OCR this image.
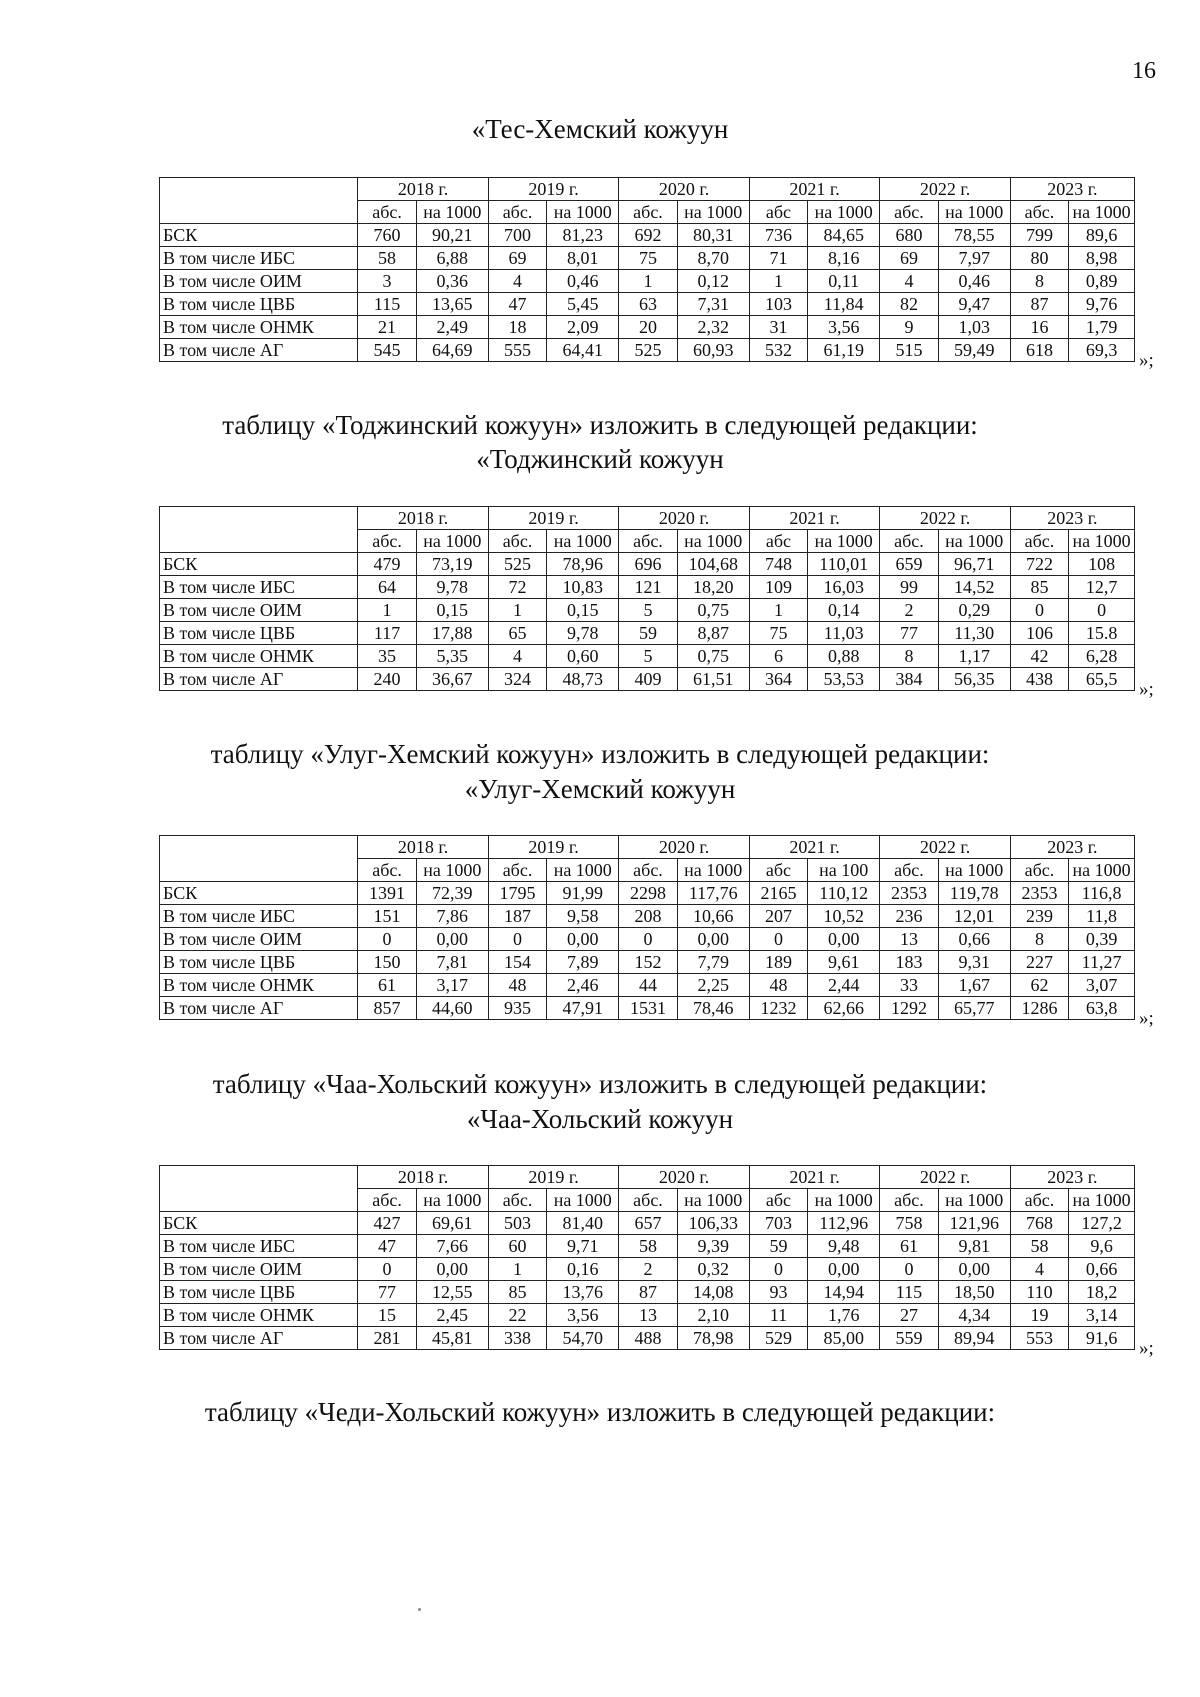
16
«Тес-Хемский кожуун
	2018 г.		2019 г.		2020 г.		2021 г.		2022 г.		2023 г.	
	абс.	на 1000	абс.	на 1000	абс.	на 1000	абс	на 1000	абс.	на 1000	абс.	на 1000
БСК	760	90,21	700	81,23	692	80,31	736	84,65	680	78,55	799	89,6
В том числе ИБС	58	6,88	69	8,01	75	8,70	71	8,16	69	7,97	80	8,98
В том числе ОИМ	3	0,36	4	0,46	1	0,12	1	0,11	4	0,46	8	0,89
В том числе ЦВБ	115	13,65	47	5,45	63	7,31	103	11,84	82	9,47	87	9,76
В том числе ОНМК	21	2,49	18	2,09	20	2,32	31	3,56	9	1,03	16	1,79
В том числе АГ	545	64,69	555	64,41	525	60,93	532	61,19	515	59,49	618	69,3
»;
таблицу «Тоджинский кожуун» изложить в следующей редакции:
«Тоджинский кожуун
	2018 г.		2019 г.		2020 г.		2021 г.		2022 г.		2023 г.	
	абс.	на 1000	абс.	на 1000	абс.	на 1000	абс	на 1000	абс.	на 1000	абс.	на 1000
БСК	479	73,19	525	78,96	696	104,68	748	110,01	659	96,71	722	108
В том числе ИБС	64	9,78	72	10,83	121	18,20	109	16,03	99	14,52	85	12,7
В том числе ОИМ	1	0,15	1	0,15	5	0,75	1	0,14	2	0,29	0	0
В том числе ЦВБ	117	17,88	65	9,78	59	8,87	75	11,03	77	11,30	106	15.8
В том числе ОНМК	35	5,35	4	0,60	5	0,75	6	0,88	8	1,17	42	6,28
В том числе АГ	240	36,67	324	48,73	409	61,51	364	53,53	384	56,35	438	65,5
»;
таблицу «Улуг-Хемский кожуун» изложить в следующей редакции:
«Улуг-Хемский кожуун
	2018 г.		2019 г.		2020 г.		2021 г.		2022 г.		2023 г.	
	абс.	на 1000	абс.	на 1000	абс.	на 1000	абс	на 100	абс.	на 1000	абс.	на 1000
БСК	1391	72,39	1795	91,99	2298	117,76	2165	110,12	2353	119,78	2353	116,8
В том числе ИБС	151	7,86	187	9,58	208	10,66	207	10,52	236	12,01	239	11,8
В том числе ОИМ	0	0,00	0	0,00	0	0,00	0	0,00	13	0,66	8	0,39
В том числе ЦВБ	150	7,81	154	7,89	152	7,79	189	9,61	183	9,31	227	11,27
В том числе ОНМК	61	3,17	48	2,46	44	2,25	48	2,44	33	1,67	62	3,07
В том числе АГ	857	44,60	935	47,91	1531	78,46	1232	62,66	1292	65,77	1286	63,8
»;
таблицу «Чаа-Хольский кожуун» изложить в следующей редакции:
«Чаа-Хольский кожуун
	2018 г.		2019 г.		2020 г.		2021 г.		2022 г.		2023 г.	
	абс.	на 1000	абс.	на 1000	абс.	на 1000	абс	на 1000	абс.	на 1000	абс.	на 1000
БСК	427	69,61	503	81,40	657	106,33	703	112,96	758	121,96	768	127,2
В том числе ИБС	47	7,66	60	9,71	58	9,39	59	9,48	61	9,81	58	9,6
В том числе ОИМ	0	0,00	1	0,16	2	0,32	0	0,00	0	0,00	4	0,66
В том числе ЦВБ	77	12,55	85	13,76	87	14,08	93	14,94	115	18,50	110	18,2
В том числе ОНМК	15	2,45	22	3,56	13	2,10	11	1,76	27	4,34	19	3,14
В том числе АГ	281	45,81	338	54,70	488	78,98	529	85,00	559	89,94	553	91,6
»;
таблицу «Чеди-Хольский кожуун» изложить в следующей редакции:
